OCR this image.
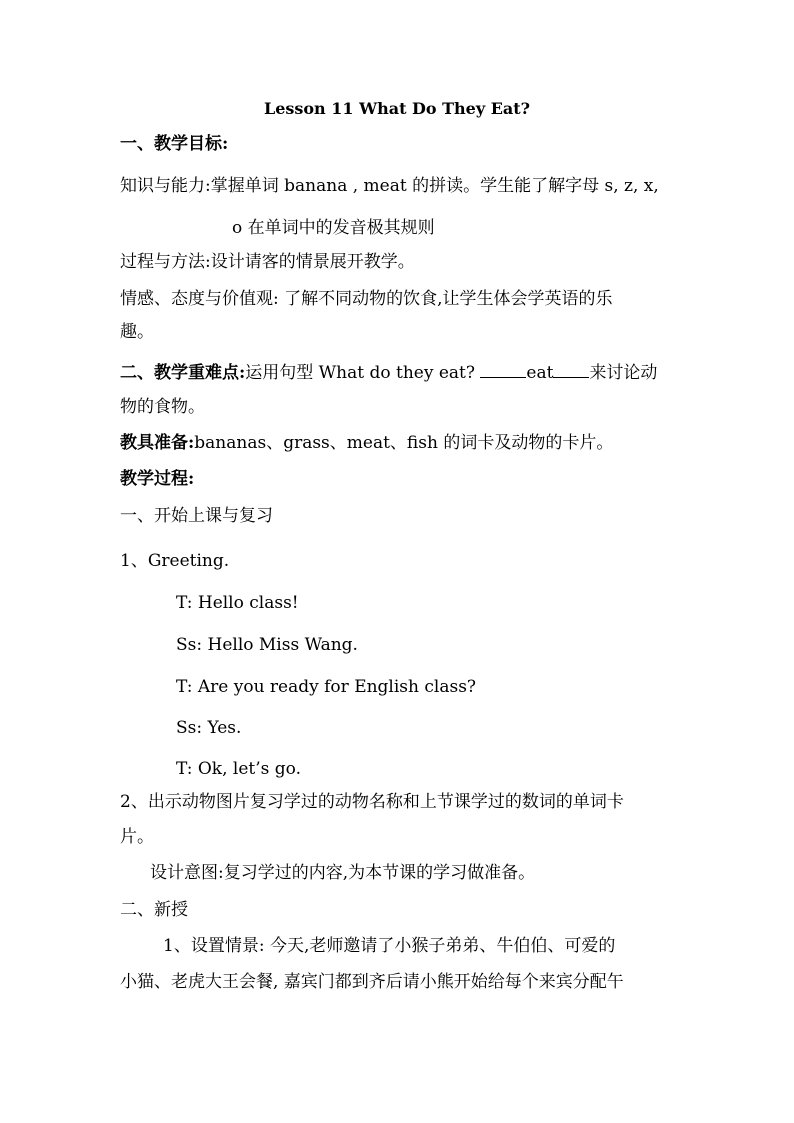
Lesson 11 What Do They Eat?
一、教学目标:
知识与能力:掌握单词 banana , meat 的拼读。学生能了解字母 s, z, x,
o 在单词中的发音极其规则
过程与方法:设计请客的情景展开教学。
情感、态度与价值观: 了解不同动物的饮食,让学生体会学英语的乐
趣。
二、教学重难点:运用句型 What do they eat?	eat 来讨论动
物的食物。
教具准备:bananas、grass、meat、fish 的词卡及动物的卡片。
教学过程:
一、开始上课与复习
1、Greeting.
T: Hello class!
Ss: Hello Miss Wang.
T: Are you ready for English class?
Ss: Yes.
T: Ok, let’s go.
2、出示动物图片复习学过的动物名称和上节课学过的数词的单词卡
片。
设计意图:复习学过的内容,为本节课的学习做准备。
二、新授
1、设置情景: 今天,老师邀请了小猴子弟弟、牛伯伯、可爱的
小猫、老虎大王会餐, 嘉宾门都到齐后请小熊开始给每个来宾分配午
